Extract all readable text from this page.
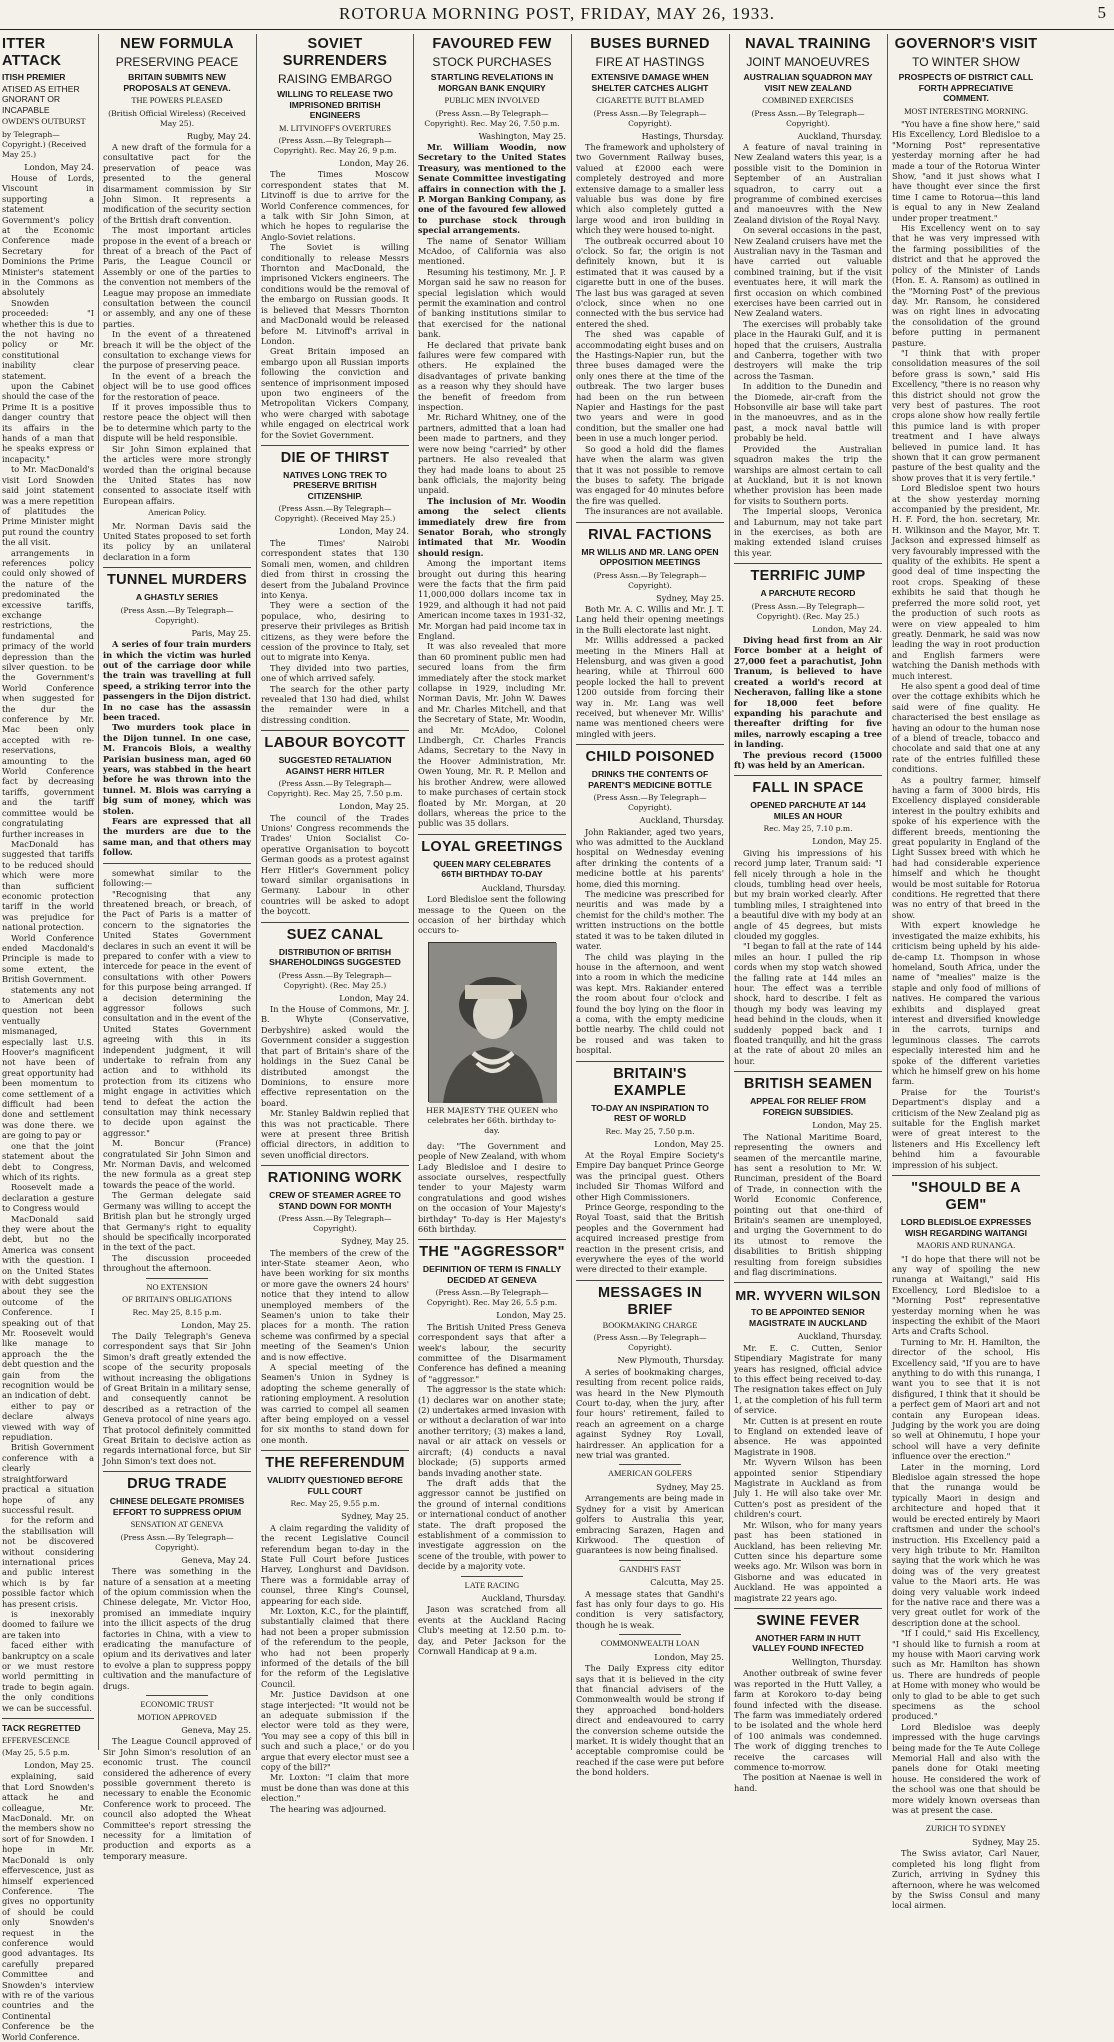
ROTORUA MORNING POST, FRIDAY, MAY 26, 1933.	5
ITTER ATTACK
ITISH PREMIER
ATISED AS EITHER GNORANT OR INCAPABLE
OWDEN'S OUTBURST
by Telegraph—Copyright.) (Received May 25.)
London, May 24.

House of Lords, Viscount in supporting a statement Government's policy at the Economic Conference made Secretary for Dominions the Prime Minister's statement in the Commons as absolutely

Snowden proceeded: "I whether this is due to the not having no policy or Mr. constitutional inability clear statement.

upon the Cabinet should the case of the Prime It is a positive danger country that its affairs in the hands of a man that he speaks express or incapacity."

to Mr. MacDonald's visit Lord Snowden said joint statement was a mere repetition of platitudes the Prime Minister might put round the country the all visit.

arrangements in references policy could only showed of the nature of the predominated the excessive tariffs, exchange restrictions, the fundamental and primacy of the world depression than the silver question. to be the Government's World Conference when suggested for the dur the conference by Mr. Mac been only accepted with re-reservations, amounting to the World Conference fact by decreasing tariffs, government and the tariff committee would be congratulating further increases in

MacDonald has suggested that tariffs to be reduced should which were more than sufficient economic protection tariff in the world was prejudice for national protection.

World Conference ended Macdonald's Principle is made to some extent, the British Government.

statements any not to American debt question not been ventually mismanaged, especially last U.S. Hoover's magnificent not have been of great opportunity had been momentum to come settlement of a difficult had been done and settlement was done there. we are going to pay or

one that the joint statement about the debt to Congress, which of its rights.

Roosevelt made a declaration a gesture to Congress would

MacDonald said they were about the debt, but no the America was consent with the question. I on the United States with debt suggestion about they see the outcome of the Conference. I speaking out of that Mr. Roosevelt would like manage to approach the the debt question and the gain from the recognition would be an indication of debt.

either to pay or declare always viewed with way of repudiation.

British Government conference with a clearly straightforward practical a situation hope of any successful result.

for the reform and the stabilisation will not be discovered without considering international prices and public interest which is by far possible factor which has present crisis.

is inexorably doomed to failure we are taken into

faced either with bankruptcy on a scale or we must restore world permitting in trade to begin again. the only conditions we can be successful.

TACK REGRETTED
EFFERVESCENCE
(May 25, 5.5 p.m.
London, May 25.

explaining, said that Lord Snowden's attack he and colleague, Mr. MacDonald. Mr. on the members show no sort of for Snowden. I hope in Mr. MacDonald is only effervescence, just as himself experienced Conference. The gives no opportunity of should be could only Snowden's request in the conference would good advantages. Its carefully prepared Committee and Snowden's interview with re of the various countries and the Continental Conference be the World Conference.

NEW FORMULA
PRESERVING PEACE
BRITAIN SUBMITS NEW PROPOSALS AT GENEVA.
THE POWERS PLEASED
(British Official Wireless) (Received May 25).
Rugby, May 24.

A new draft of the formula for a consultative pact for the preservation of peace was presented to the general disarmament commission by Sir John Simon. It represents a modification of the security section of the British draft convention.

The most important articles propose in the event of a breach or threat of a breach of the Pact of Paris, the League Council or Assembly or one of the parties to the convention not members of the League may propose an immediate consultation between the council or assembly, and any one of these parties.

In the event of a threatened breach it will be the object of the consultation to exchange views for the purpose of preserving peace.

In the event of a breach the object will be to use good offices for the restoration of peace.

If it proves impossible thus to restore peace the object will then be to determine which party to the dispute will be held responsible.

Sir John Simon explained that the articles were more strongly worded than the original because the United States has now consented to associate itself with European affairs.

American Policy.

Mr. Norman Davis said the United States proposed to set forth its policy by an unilateral declaration in a form

TUNNEL MURDERS
A GHASTLY SERIES
(Press Assn.—By Telegraph—Copyright).
Paris, May 25.

A series of four train murders in which the victim was hurled out of the carriage door while the train was travelling at full speed, a striking terror into the passengers in the Dijon district. In no case has the assassin been traced.

Two murders took place in the Dijon tunnel. In one case, M. Francois Blois, a wealthy Parisian business man, aged 60 years, was stabbed in the heart before he was thrown into the tunnel. M. Blois was carrying a big sum of money, which was stolen.

Fears are expressed that all the murders are due to the same man, and that others may follow.

somewhat similar to the following:—

"Recognising that any threatened breach, or breach, of the Pact of Paris is a matter of concern to the signatories the United States Government declares in such an event it will be prepared to confer with a view to intercede for peace in the event of consultations with other Powers for this purpose being arranged. If a decision determining the aggressor follows such consultation and in the event of the United States Government agreeing with this in its independent judgment, it will undertake to refrain from any action and to withhold its protection from its citizens who might engage in activities which tend to defeat the action the consultation may think necessary to decide upon against the aggressor."

M. Boncur (France) congratulated Sir John Simon and Mr. Norman Davis, and welcomed the new formula as a great step towards the peace of the world.

The German delegate said Germany was willing to accept the British plan but he strongly urged that Germany's right to equality should be specifically incorporated in the text of the pact.

The discussion proceeded throughout the afternoon.

NO EXTENSION
OF BRITAIN'S OBLIGATIONS
Rec. May 25, 8.15 p.m.
London, May 25.

The Daily Telegraph's Geneva correspondent says that Sir John Simon's draft greatly extended the scope of the security proposals without increasing the obligations of Great Britain in a military sense, and consequently cannot be described as a retraction of the Geneva protocol of nine years ago. That protocol definitely committed Great Britain to decisive action as regards international force, but Sir John Simon's text does not.

DRUG TRADE
CHINESE DELEGATE PROMISES EFFORT TO SUPPRESS OPIUM
SENSATION AT GENEVA
(Press Assn.—By Telegraph—Copyright).
Geneva, May 24.

There was something in the nature of a sensation at a meeting of the opium commission when the Chinese delegate, Mr. Victor Hoo, promised an immediate inquiry into the illicit aspects of the drug factories in China, with a view to eradicating the manufacture of opium and its derivatives and later to evolve a plan to suppress poppy cultivation and the manufacture of drugs.

ECONOMIC TRUST
MOTION APPROVED
Geneva, May 25.

The League Council approved of Sir John Simon's resolution of an economic trust. The council considered the adherence of every possible government thereto is necessary to enable the Economic Conference work to proceed. The council also adopted the Wheat Committee's report stressing the necessity for a limitation of production and exports as a temporary measure.

SOVIET SURRENDERS
RAISING EMBARGO
WILLING TO RELEASE TWO IMPRISONED BRITISH ENGINEERS
M. LITVINOFF'S OVERTURES
(Press Assn.—By Telegraph—Copyright). Rec. May 26, 9 p.m.
London, May 26.

The Times Moscow correspondent states that M. Litvinoff is due to arrive for the World Conference commences, for a talk with Sir John Simon, at which he hopes to regularise the Anglo-Soviet relations.

The Soviet is willing conditionally to release Messrs Thornton and MacDonald, the imprisoned Vickers engineers. The conditions would be the removal of the embargo on Russian goods. It is believed that Messrs Thornton and MacDonald would be released before M. Litvinoff's arrival in London.

Great Britain imposed an embargo upon all Russian imports following the conviction and sentence of imprisonment imposed upon two engineers of the Metropolitan Vickers Company, who were charged with sabotage while engaged on electrical work for the Soviet Government.

DIE OF THIRST
NATIVES LONG TREK TO PRESERVE BRITISH CITIZENSHIP.
(Press Assn.—By Telegraph—Copyright). (Received May 25.)
London, May 24.

The Times' Nairobi correspondent states that 130 Somali men, women, and children died from thirst in crossing the desert from the Jubaland Province into Kenya.

They were a section of the populace, who, desiring to preserve their privileges as British citizens, as they were before the cession of the province to Italy, set out to migrate into Kenya.

They divided into two parties, one of which arrived safely.

The search for the other party revealed that 130 had died, whilst the remainder were in a distressing condition.

LABOUR BOYCOTT
SUGGESTED RETALIATION AGAINST HERR HITLER
(Press Assn.—By Telegraph—Copyright). Rec. May 25, 7.50 p.m.
London, May 25.

The council of the Trades Unions' Congress recommends the Trades' Union Socialist Co-operative Organisation to boycott German goods as a protest against Herr Hitler's Government policy toward similar organisations in Germany. Labour in other countries will be asked to adopt the boycott.

SUEZ CANAL
DISTRIBUTION OF BRITISH SHAREHOLDINGS SUGGESTED
(Press Assn.—By Telegraph—Copyright). (Rec. May 25.)
London, May 24.

In the House of Commons, Mr. J. B. Whyte (Conservative, Derbyshire) asked would the Government consider a suggestion that part of Britain's share of the holdings in the Suez Canal be distributed amongst the Dominions, to ensure more effective representation on the board.

Mr. Stanley Baldwin replied that this was not practicable. There were at present three British official directors, in addition to seven unofficial directors.

RATIONING WORK
CREW OF STEAMER AGREE TO STAND DOWN FOR MONTH
(Press Assn.—By Telegraph—Copyright).
Sydney, May 25.

The members of the crew of the inter-State steamer Aeon, who have been working for six months or more gave the owners 24 hours' notice that they intend to allow unemployed members of the Seamen's union to take their places for a month. The ration scheme was confirmed by a special meeting of the Seamen's Union and is now effective.

A special meeting of the Seamen's Union in Sydney is adopting the scheme generally of rationing employment. A resolution was carried to compel all seamen after being employed on a vessel for six months to stand down for one month.

THE REFERENDUM
VALIDITY QUESTIONED BEFORE FULL COURT
Rec. May 25, 9.55 p.m.
Sydney, May 25.

A claim regarding the validity of the recent Legislative Council referendum began to-day in the State Full Court before Justices Harvey, Longhurst and Davidson. There was a formidable array of counsel, three King's Counsel, appearing for each side.

Mr. Loxton, K.C., for the plaintiff, substantially claimed that there had not been a proper submission of the referendum to the people, who had not been properly informed of the details of the bill for the reform of the Legislative Council.

Mr. Justice Davidson at one stage interjected: "It would not be an adequate submission if the elector were told as they were, 'You may see a copy of this bill in such and such a place,' or do you argue that every elector must see a copy of the bill?"

Mr. Loxton: "I claim that more must be done than was done at this election."

The hearing was adjourned.

FAVOURED FEW
STOCK PURCHASES
STARTLING REVELATIONS IN MORGAN BANK ENQUIRY
PUBLIC MEN INVOLVED
(Press Assn.—By Telegraph—Copyright). Rec. May 26, 7.50 p.m.
Washington, May 25.

Mr. William Woodin, now Secretary to the United States Treasury, was mentioned to the Senate Committee investigating affairs in connection with the J. P. Morgan Banking Company, as one of the favoured few allowed to purchase stock through special arrangements.

The name of Senator William McAdoo, of California was also mentioned.

Resuming his testimony, Mr. J. P. Morgan said he saw no reason for special legislation which would permit the examination and control of banking institutions similar to that exercised for the national bank.

He declared that private bank failures were few compared with others. He explained the disadvantages of private banking as a reason why they should have the benefit of freedom from inspection.

Mr. Richard Whitney, one of the partners, admitted that a loan had been made to partners, and they were now being "carried" by other partners. He also revealed that they had made loans to about 25 bank officials, the majority being unpaid.

The inclusion of Mr. Woodin among the select clients immediately drew fire from Senator Borah, who strongly intimated that Mr. Woodin should resign.

Among the important items brought out during this hearing were the facts that the firm paid 11,000,000 dollars income tax in 1929, and although it had not paid American income taxes in 1931-32, Mr. Morgan had paid income tax in England.

It was also revealed that more than 60 prominent public men had secured loans from the firm immediately after the stock market collapse in 1929, including Mr. Norman Davis, Mr. John W. Dawes and Mr. Charles Mitchell, and that the Secretary of State, Mr. Woodin, and Mr. McAdoo, Colonel Lindbergh, Cr. Charles Francis Adams, Secretary to the Navy in the Hoover Administration, Mr. Owen Young, Mr. R. P. Mellon and his brother Andrew, were allowed to make purchases of certain stock floated by Mr. Morgan, at 20 dollars, whereas the price to the public was 35 dollars.

LOYAL GREETINGS
QUEEN MARY CELEBRATES 66TH BIRTHDAY TO-DAY
Auckland, Thursday.

Lord Bledisloe sent the following message to the Queen on the occasion of her birthday which occurs to-

HER MAJESTY THE QUEEN who celebrates her 66th. birthday to-day.

day: "The Government and people of New Zealand, with whom Lady Bledisloe and I desire to associate ourselves, respectfully tender to your Majesty warm congratulations and good wishes on the occasion of Your Majesty's birthday" To-day is Her Majesty's 66th birthday.

THE "AGGRESSOR"
DEFINITION OF TERM IS FINALLY DECIDED AT GENEVA
(Press Assn.—By Telegraph—Copyright). Rec. May 26, 5.5 p.m.
London, May 25.

The British United Press Geneva correspondent says that after a week's labour, the security committee of the Disarmament Conference has defined a meaning of "aggressor."

The aggressor is the state which: (1) declares war on another state; (2) undertakes armed invasion with or without a declaration of war into another territory; (3) makes a land, naval or air attack on vessels or aircraft; (4) conducts a naval blockade; (5) supports armed bands invading another state.

The draft adds that the aggressor cannot be justified on the ground of internal conditions or international conduct of another state. The draft proposed the establishment of a commission to investigate aggression on the scene of the trouble, with power to decide by a majority vote.

LATE RACING
Auckland, Thursday.

Jason was scratched from all events at the Auckland Racing Club's meeting at 12.50 p.m. to-day, and Peter Jackson for the Cornwall Handicap at 9 a.m.

BUSES BURNED
FIRE AT HASTINGS
EXTENSIVE DAMAGE WHEN SHELTER CATCHES ALIGHT
CIGARETTE BUTT BLAMED
(Press Assn.—By Telegraph—Copyright).
Hastings, Thursday.

The framework and upholstery of two Government Railway buses, valued at £2000 each were completely destroyed and more extensive damage to a smaller less valuable bus was done by fire which also completely gutted a large wood and iron building in which they were housed to-night.

The outbreak occurred about 10 o'clock. So far, the origin is not definitely known, but it is estimated that it was caused by a cigarette butt in one of the buses. The last bus was garaged at seven o'clock, since when no one connected with the bus service had entered the shed.

The shed was capable of accommodating eight buses and on the Hastings-Napier run, but the three buses damaged were the only ones there at the time of the outbreak. The two larger buses had been on the run between Napier and Hastings for the past two years and were in good condition, but the smaller one had been in use a much longer period.

So good a hold did the flames have when the alarm was given that it was not possible to remove the buses to safety. The brigade was engaged for 40 minutes before the fire was quelled.

The insurances are not available.

RIVAL FACTIONS
MR WILLIS AND MR. LANG OPEN OPPOSITION MEETINGS
(Press Assn.—By Telegraph—Copyright).
Sydney, May 25.

Both Mr. A. C. Willis and Mr. J. T. Lang held their opening meetings in the Bulli electorate last night.

Mr. Willis addressed a packed meeting in the Miners Hall at Helensburg, and was given a good hearing, while at Thirroul 600 people locked the hall to prevent 1200 outside from forcing their way in. Mr. Lang was well received, but whenever Mr. Willis' name was mentioned cheers were mingled with jeers.

CHILD POISONED
DRINKS THE CONTENTS OF PARENT'S MEDICINE BOTTLE
(Press Assn.—By Telegraph—Copyright).
Auckland, Thursday.

John Rakiander, aged two years, who was admitted to the Auckland hospital on Wednesday evening after drinking the contents of a medicine bottle at his parents' home, died this morning.

The medicine was prescribed for neuritis and was made by a chemist for the child's mother. The written instructions on the bottle stated it was to be taken diluted in water.

The child was playing in the house in the afternoon, and went into a room in which the medicine was kept. Mrs. Rakiander entered the room about four o'clock and found the boy lying on the floor in a coma, with the empty medicine bottle nearby. The child could not be roused and was taken to hospital.

BRITAIN'S EXAMPLE
TO-DAY AN INSPIRATION TO REST OF WORLD
Rec. May 25, 7.50 p.m.
London, May 25.

At the Royal Empire Society's Empire Day banquet Prince George was the principal guest. Others included Sir Thomas Wilford and other High Commissioners.

Prince George, responding to the Royal Toast, said that the British peoples and the Government had acquired increased prestige from reaction in the present crisis, and everywhere the eyes of the world were directed to their example.

MESSAGES IN BRIEF
BOOKMAKING CHARGE
(Press Assn.—By Telegraph—Copyright).
New Plymouth, Thursday.

A series of bookmaking charges, resulting from recent police raids, was heard in the New Plymouth Court to-day, when the jury, after four hours' retirement, failed to reach an agreement on a charge against Sydney Roy Lovall, hairdresser. An application for a new trial was granted.

AMERICAN GOLFERS
Sydney, May 25.

Arrangements are being made in Sydney for a visit by American golfers to Australia this year, embracing Sarazen, Hagen and Kirkwood. The question of guarantees is now being finalised.

GANDHI'S FAST
Calcutta, May 25.

A message states that Gandhi's fast has only four days to go. His condition is very satisfactory, though he is weak.

COMMONWEALTH LOAN
London, May 25.

The Daily Express city editor says that it is believed in the city that financial advisers of the Commonwealth would be strong if they approached bond-holders direct and endeavoured to carry the conversion scheme outside the market. It is widely thought that an acceptable compromise could be reached if the case were put before the bond holders.

NAVAL TRAINING
JOINT MANOEUVRES
AUSTRALIAN SQUADRON MAY VISIT NEW ZEALAND
COMBINED EXERCISES
(Press Assn.—By Telegraph—Copyright).
Auckland, Thursday.

A feature of naval training in New Zealand waters this year, is a possible visit to the Dominion in September of an Australian squadron, to carry out a programme of combined exercises and manoeuvres with the New Zealand division of the Royal Navy.

On several occasions in the past, New Zealand cruisers have met the Australian navy in the Tasman and have carried out valuable combined training, but if the visit eventuates here, it will mark the first occasion on which combined exercises have been carried out in New Zealand waters.

The exercises will probably take place in the Hauraki Gulf, and it is hoped that the cruisers, Australia and Canberra, together with two destroyers will make the trip across the Tasman.

In addition to the Dunedin and the Diomede, air-craft from the Hobsonville air base will take part in the manoeuvres, and as in the past, a mock naval battle will probably be held.

Provided the Australian squadron makes the trip the warships are almost certain to call at Auckland, but it is not known whether provision has been made for visits to Southern ports.

The Imperial sloops, Veronica and Laburnum, may not take part in the exercises, as both are making extended island cruises this year.

TERRIFIC JUMP
A PARCHUTE RECORD
(Press Assn.—By Telegraph—Copyright). (Rec. May 25.)
London, May 24.

Diving head first from an Air Force bomber at a height of 27,000 feet a parachutist, John Tranum, is believed to have created a world's record at Necheravon, falling like a stone for 18,000 feet before expanding his parachute and thereafter drifting for five miles, narrowly escaping a tree in landing.

The previous record (15000 ft) was held by an American.

FALL IN SPACE
OPENED PARCHUTE AT 144 MILES AN HOUR
Rec. May 25, 7.10 p.m.
London, May 25.

Giving his impressions of his record jump later, Tranum said: "I fell nicely through a hole in the clouds, tumbling head over heels, but my brain worked clearly. After tumbling miles, I straightened into a beautiful dive with my body at an angle of 45 degrees, but mists clouded my goggles.

"I began to fall at the rate of 144 miles an hour. I pulled the rip cords when my stop watch showed the falling rate at 144 miles an hour. The effect was a terrible shock, hard to describe. I felt as though my body was leaving my head behind in the clouds, when it suddenly popped back and I floated tranquilly, and hit the grass at the rate of about 20 miles an hour.

BRITISH SEAMEN
APPEAL FOR RELIEF FROM FOREIGN SUBSIDIES.
London, May 25.

The National Maritime Board, representing the owners and seamen of the mercantile marine, has sent a resolution to Mr. W. Runciman, president of the Board of Trade, in connection with the World Economic Conference, pointing out that one-third of Britain's seamen are unemployed, and urging the Government to do its utmost to remove the disabilities to British shipping resulting from foreign subsidies and flag discriminations.

MR. WYVERN WILSON
TO BE APPOINTED SENIOR MAGISTRATE IN AUCKLAND
Auckland, Thursday.

Mr. E. C. Cutten, Senior Stipendiary Magistrate for many years has resigned, official advice to this effect being received to-day. The resignation takes effect on July 1, at the completion of his full term of service.

Mr. Cutten is at present en route to England on extended leave of absence. He was appointed Magistrate in 1908.

Mr. Wyvern Wilson has been appointed senior Stipendiary Magistrate in Auckland as from July 1. He will also take over Mr. Cutten's post as president of the children's court.

Mr. Wilson, who for many years past has been stationed in Auckland, has been relieving Mr. Cutten since his departure some weeks ago. Mr. Wilson was born in Gisborne and was educated in Auckland. He was appointed a magistrate 22 years ago.

SWINE FEVER
ANOTHER FARM IN HUTT VALLEY FOUND INFECTED
Wellington, Thursday.

Another outbreak of swine fever was reported in the Hutt Valley, a farm at Korokoro to-day being found infected with the disease. The farm was immediately ordered to be isolated and the whole herd of 100 animals was condemned. The work of digging trenches to receive the carcases will commence to-morrow.

The position at Naenae is well in hand.

GOVERNOR'S VISIT
TO WINTER SHOW
PROSPECTS OF DISTRICT CALL FORTH APPRECIATIVE COMMENT.
MOST INTERESTING MORNING.

"You have a fine show here," said His Excellency, Lord Bledisloe to a "Morning Post" representative yesterday morning after he had made a tour of the Rotorua Winter Show, "and it just shows what I have thought ever since the first time I came to Rotorua—this land is equal to any in New Zealand under proper treatment."

His Excellency went on to say that he was very impressed with the farming possibilities of the district and that he approved the policy of the Minister of Lands (Hon. E. A. Ransom) as outlined in the "Morning Post" of the previous day. Mr. Ransom, he considered was on right lines in advocating the consolidation of the ground before putting in permanent pasture.

"I think that with proper consolidation measures of the soil before grass is sown," said His Excellency, "there is no reason why this district should not grow the very best of pastures. The root crops alone show how really fertile this pumice land is with proper treatment and I have always believed in pumice land. It has shown that it can grow permanent pasture of the best quality and the show proves that it is very fertile."

Lord Bledisloe spent two hours at the show yesterday morning accompanied by the president, Mr. H. F. Ford, the hon. secretary, Mr. H. Wilkinson and the Mayor, Mr. T. Jackson and expressed himself as very favourably impressed with the quality of the exhibits. He spent a good deal of time inspecting the root crops. Speaking of these exhibits he said that though he preferred the more solid root, yet the production of such roots as were on view appealed to him greatly. Denmark, he said was now leading the way in root production and English farmers were watching the Danish methods with much interest.

He also spent a good deal of time over the cottage exhibits which he said were of fine quality. He characterised the best ensilage as having an odour to the human nose of a blend of treacle, tobacco and chocolate and said that one at any rate of the entries fulfilled these conditions.

As a poultry farmer, himself having a farm of 3000 birds, His Excellency displayed considerable interest in the poultry exhibits and spoke of his experience with the different breeds, mentioning the great popularity in England of the Light Sussex breed with which he had had considerable experience himself and which he thought would be most suitable for Rotorua conditions. He regretted that there was no entry of that breed in the show.

With expert knowledge he investigated the maize exhibits, his criticism being upheld by his aide-de-camp Lt. Thompson in whose homeland, South Africa, under the name of "mealies" maize is the staple and only food of millions of natives. He compared the various exhibits and displayed great interest and diversified knowledge in the carrots, turnips and leguminous classes. The carrots especially interested him and he spoke of the different varieties which he himself grew on his home farm.

Praise for the Tourist's Department's display and a criticism of the New Zealand pig as suitable for the English market were of great interest to the listeners and His Excellency left behind him a favourable impression of his subject.

"SHOULD BE A GEM"
LORD BLEDISLOE EXPRESSES WISH REGARDING WAITANGI
MAORIS AND RUNANGA.

"I do hope that there will not be any way of spoiling the new runanga at Waitangi," said His Excellency, Lord Bledisloe to a "Morning Post" representative yesterday morning when he was inspecting the exhibit of the Maori Arts and Crafts School.

Turning to Mr. H. Hamilton, the director of the school, His Excellency said, "If you are to have anything to do with this runanga, I want you to see that it is not disfigured, I think that it should be a perfect gem of Maori art and not contain any European ideas. Judging by the work you are doing so well at Ohinemutu, I hope your school will have a very definite influence over the erection."

Later in the morning, Lord Bledisloe again stressed the hope that the runanga would be typically Maori in design and architecture and hoped that it would be erected entirely by Maori craftsmen and under the school's instruction. His Excellency paid a very high tribute to Mr. Hamilton saying that the work which he was doing was of the very greatest value to the Maori arts. He was doing very valuable work indeed for the native race and there was a very great outlet for work of the description done at the school.

"If I could," said His Excellency, "I should like to furnish a room at my house with Maori carving work such as Mr. Hamilton has shown us. There are hundreds of people at Home with money who would be only to glad to be able to get such specimens as the school produced."

Lord Bledisloe was deeply impressed with the huge carvings being made for the Te Aute College Memorial Hall and also with the panels done for Otaki meeting house. He considered the work of the school was one that should be more widely known overseas than was at present the case.

ZURICH TO SYDNEY
Sydney, May 25.

The Swiss aviator, Carl Nauer, completed his long flight from Zurich, arriving in Sydney this afternoon, where he was welcomed by the Swiss Consul and many local airmen.
